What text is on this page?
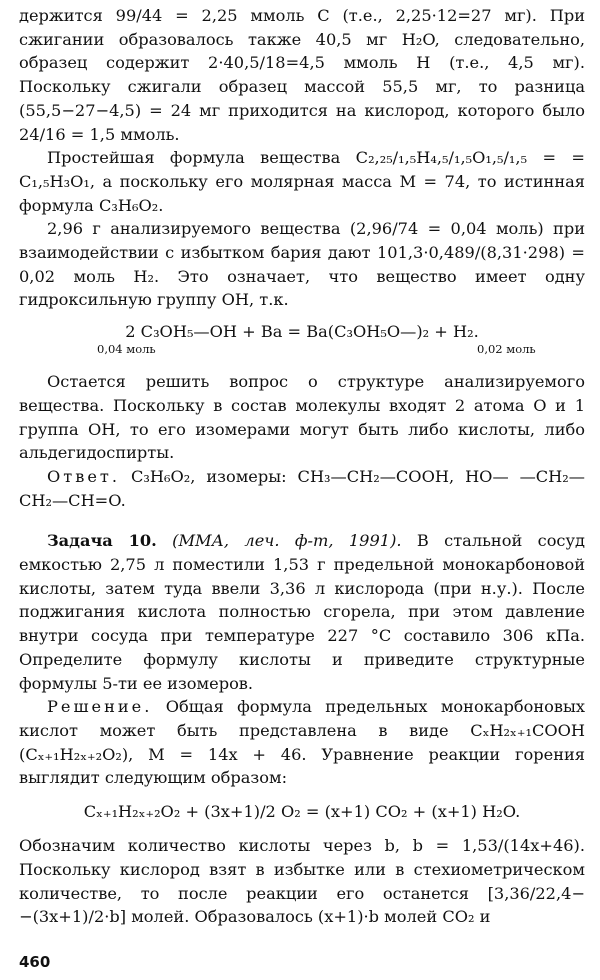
держится 99/44 = 2,25 ммоль С (т.е., 2,25·12=27 мг). При сжигании образовалось также 40,5 мг H₂O, следовательно, образец содержит 2·40,5/18=4,5 ммоль Н (т.е., 4,5 мг). Поскольку сжигали образец массой 55,5 мг, то разница (55,5−27−4,5) = 24 мг приходится на кислород, которого было 24/16 = 1,5 ммоль.

Простейшая формула вещества C₂,₂₅/₁,₅H₄,₅/₁,₅O₁,₅/₁,₅ = = C₁,₅H₃O₁, а поскольку его молярная масса M = 74, то истинная формула C₃H₆O₂.

2,96 г анализируемого вещества (2,96/74 = 0,04 моль) при взаимодействии с избытком бария дают 101,3·0,489/(8,31·298) = 0,02 моль H₂. Это означает, что вещество имеет одну гидроксильную группу ОН, т.к.

2 C₃OH₅—OH + Ba = Ba(C₃OH₅O—)₂ + H₂.

0,04 моль	0,02 моль

Остается решить вопрос о структуре анализируемого вещества. Поскольку в состав молекулы входят 2 атома О и 1 группа ОН, то его изомерами могут быть либо кислоты, либо альдегидоспирты.

Ответ. C₃H₆O₂, изомеры: CH₃—CH₂—COOH, HO— —CH₂—CH₂—CH=O.

Задача 10. (ММА, леч. ф-т, 1991). В стальной сосуд емкостью 2,75 л поместили 1,53 г предельной монокарбоновой кислоты, затем туда ввели 3,36 л кислорода (при н.у.). После поджигания кислота полностью сгорела, при этом давление внутри сосуда при температуре 227 °С составило 306 кПа. Определите формулу кислоты и приведите структурные формулы 5-ти ее изомеров.

Решение. Общая формула предельных монокарбоновых кислот может быть представлена в виде CₓH₂ₓ₊₁COOH (Cₓ₊₁H₂ₓ₊₂O₂), M = 14x + 46. Уравнение реакции горения выглядит следующим образом:

Cₓ₊₁H₂ₓ₊₂O₂ + (3x+1)/2 O₂ = (x+1) CO₂ + (x+1) H₂O.

Обозначим количество кислоты через b, b = 1,53/(14x+46). Поскольку кислород взят в избытке или в стехиометрическом количестве, то после реакции его останется [3,36/22,4− −(3x+1)/2·b] молей. Образовалось (x+1)·b молей CO₂ и

460
